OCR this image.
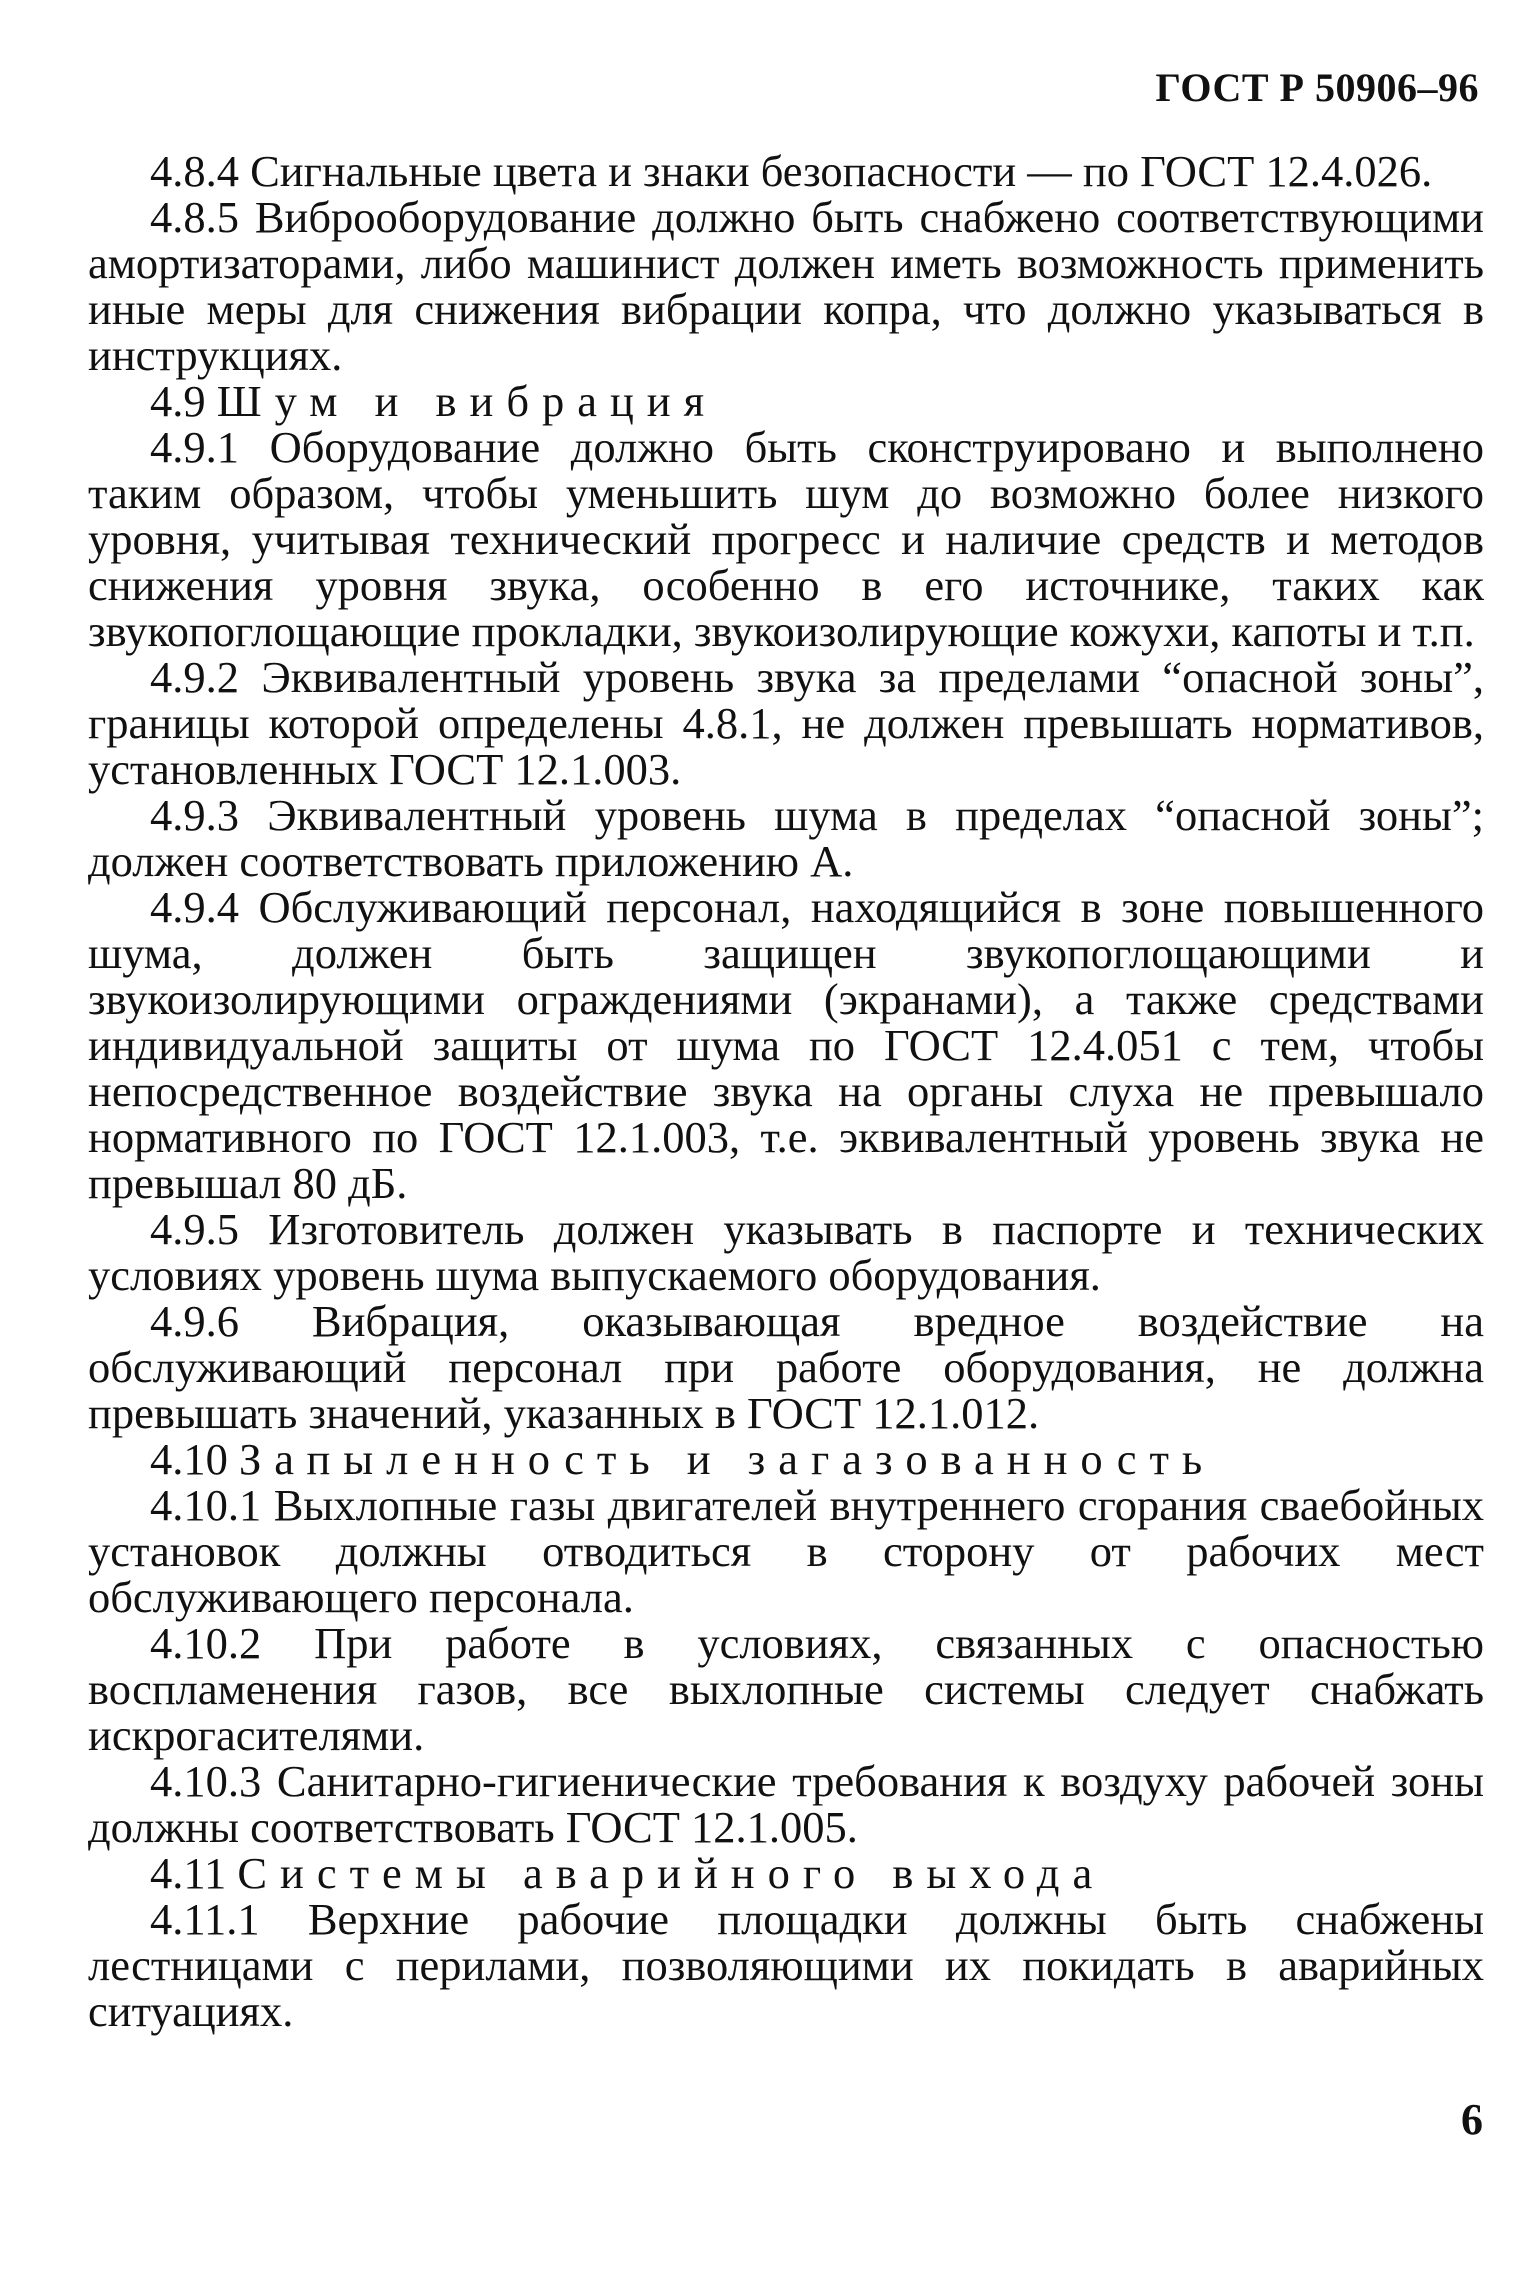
ГОСТ Р 50906–96

4.8.4 Сигнальные цвета и знаки безопасности — по ГОСТ 12.4.026.

4.8.5 Виброоборудование должно быть снабжено соответствующими амортизаторами, либо машинист должен иметь возможность применить иные меры для снижения вибрации копра, что должно указываться в инструкциях.

4.9 Шум и вибрация

4.9.1 Оборудование должно быть сконструировано и выполнено таким образом, чтобы уменьшить шум до возможно более низкого уровня, учитывая технический прогресс и наличие средств и методов снижения уровня звука, особенно в его источнике, таких как звукопоглощающие прокладки, звукоизолирующие кожухи, капоты и т.п.

4.9.2 Эквивалентный уровень звука за пределами “опасной зоны”, границы которой определены 4.8.1, не должен превышать нормативов, установленных ГОСТ 12.1.003.

4.9.3 Эквивалентный уровень шума в пределах “опасной зоны”; должен соответствовать приложению А.

4.9.4 Обслуживающий персонал, находящийся в зоне повышенного шума, должен быть защищен звукопоглощающими и звукоизолирующими ограждениями (экранами), а также средствами индивидуальной защиты от шума по ГОСТ 12.4.051 с тем, чтобы непосредственное воздействие звука на органы слуха не превышало нормативного по ГОСТ 12.1.003, т.е. эквивалентный уровень звука не превышал 80 дБ.

4.9.5 Изготовитель должен указывать в паспорте и технических условиях уровень шума выпускаемого оборудования.

4.9.6 Вибрация, оказывающая вредное воздействие на обслуживающий персонал при работе оборудования, не должна превышать значений, указанных в ГОСТ 12.1.012.

4.10 Запыленность и загазованность

4.10.1 Выхлопные газы двигателей внутреннего сгорания сваебойных установок должны отводиться в сторону от рабочих мест обслуживающего персонала.

4.10.2 При работе в условиях, связанных с опасностью воспламенения газов, все выхлопные системы следует снабжать искрогасителями.

4.10.3 Санитарно-гигиенические требования к воздуху рабочей зоны должны соответствовать ГОСТ 12.1.005.

4.11 Системы аварийного выхода

4.11.1 Верхние рабочие площадки должны быть снабжены лестницами с перилами, позволяющими их покидать в аварийных ситуациях.

6
